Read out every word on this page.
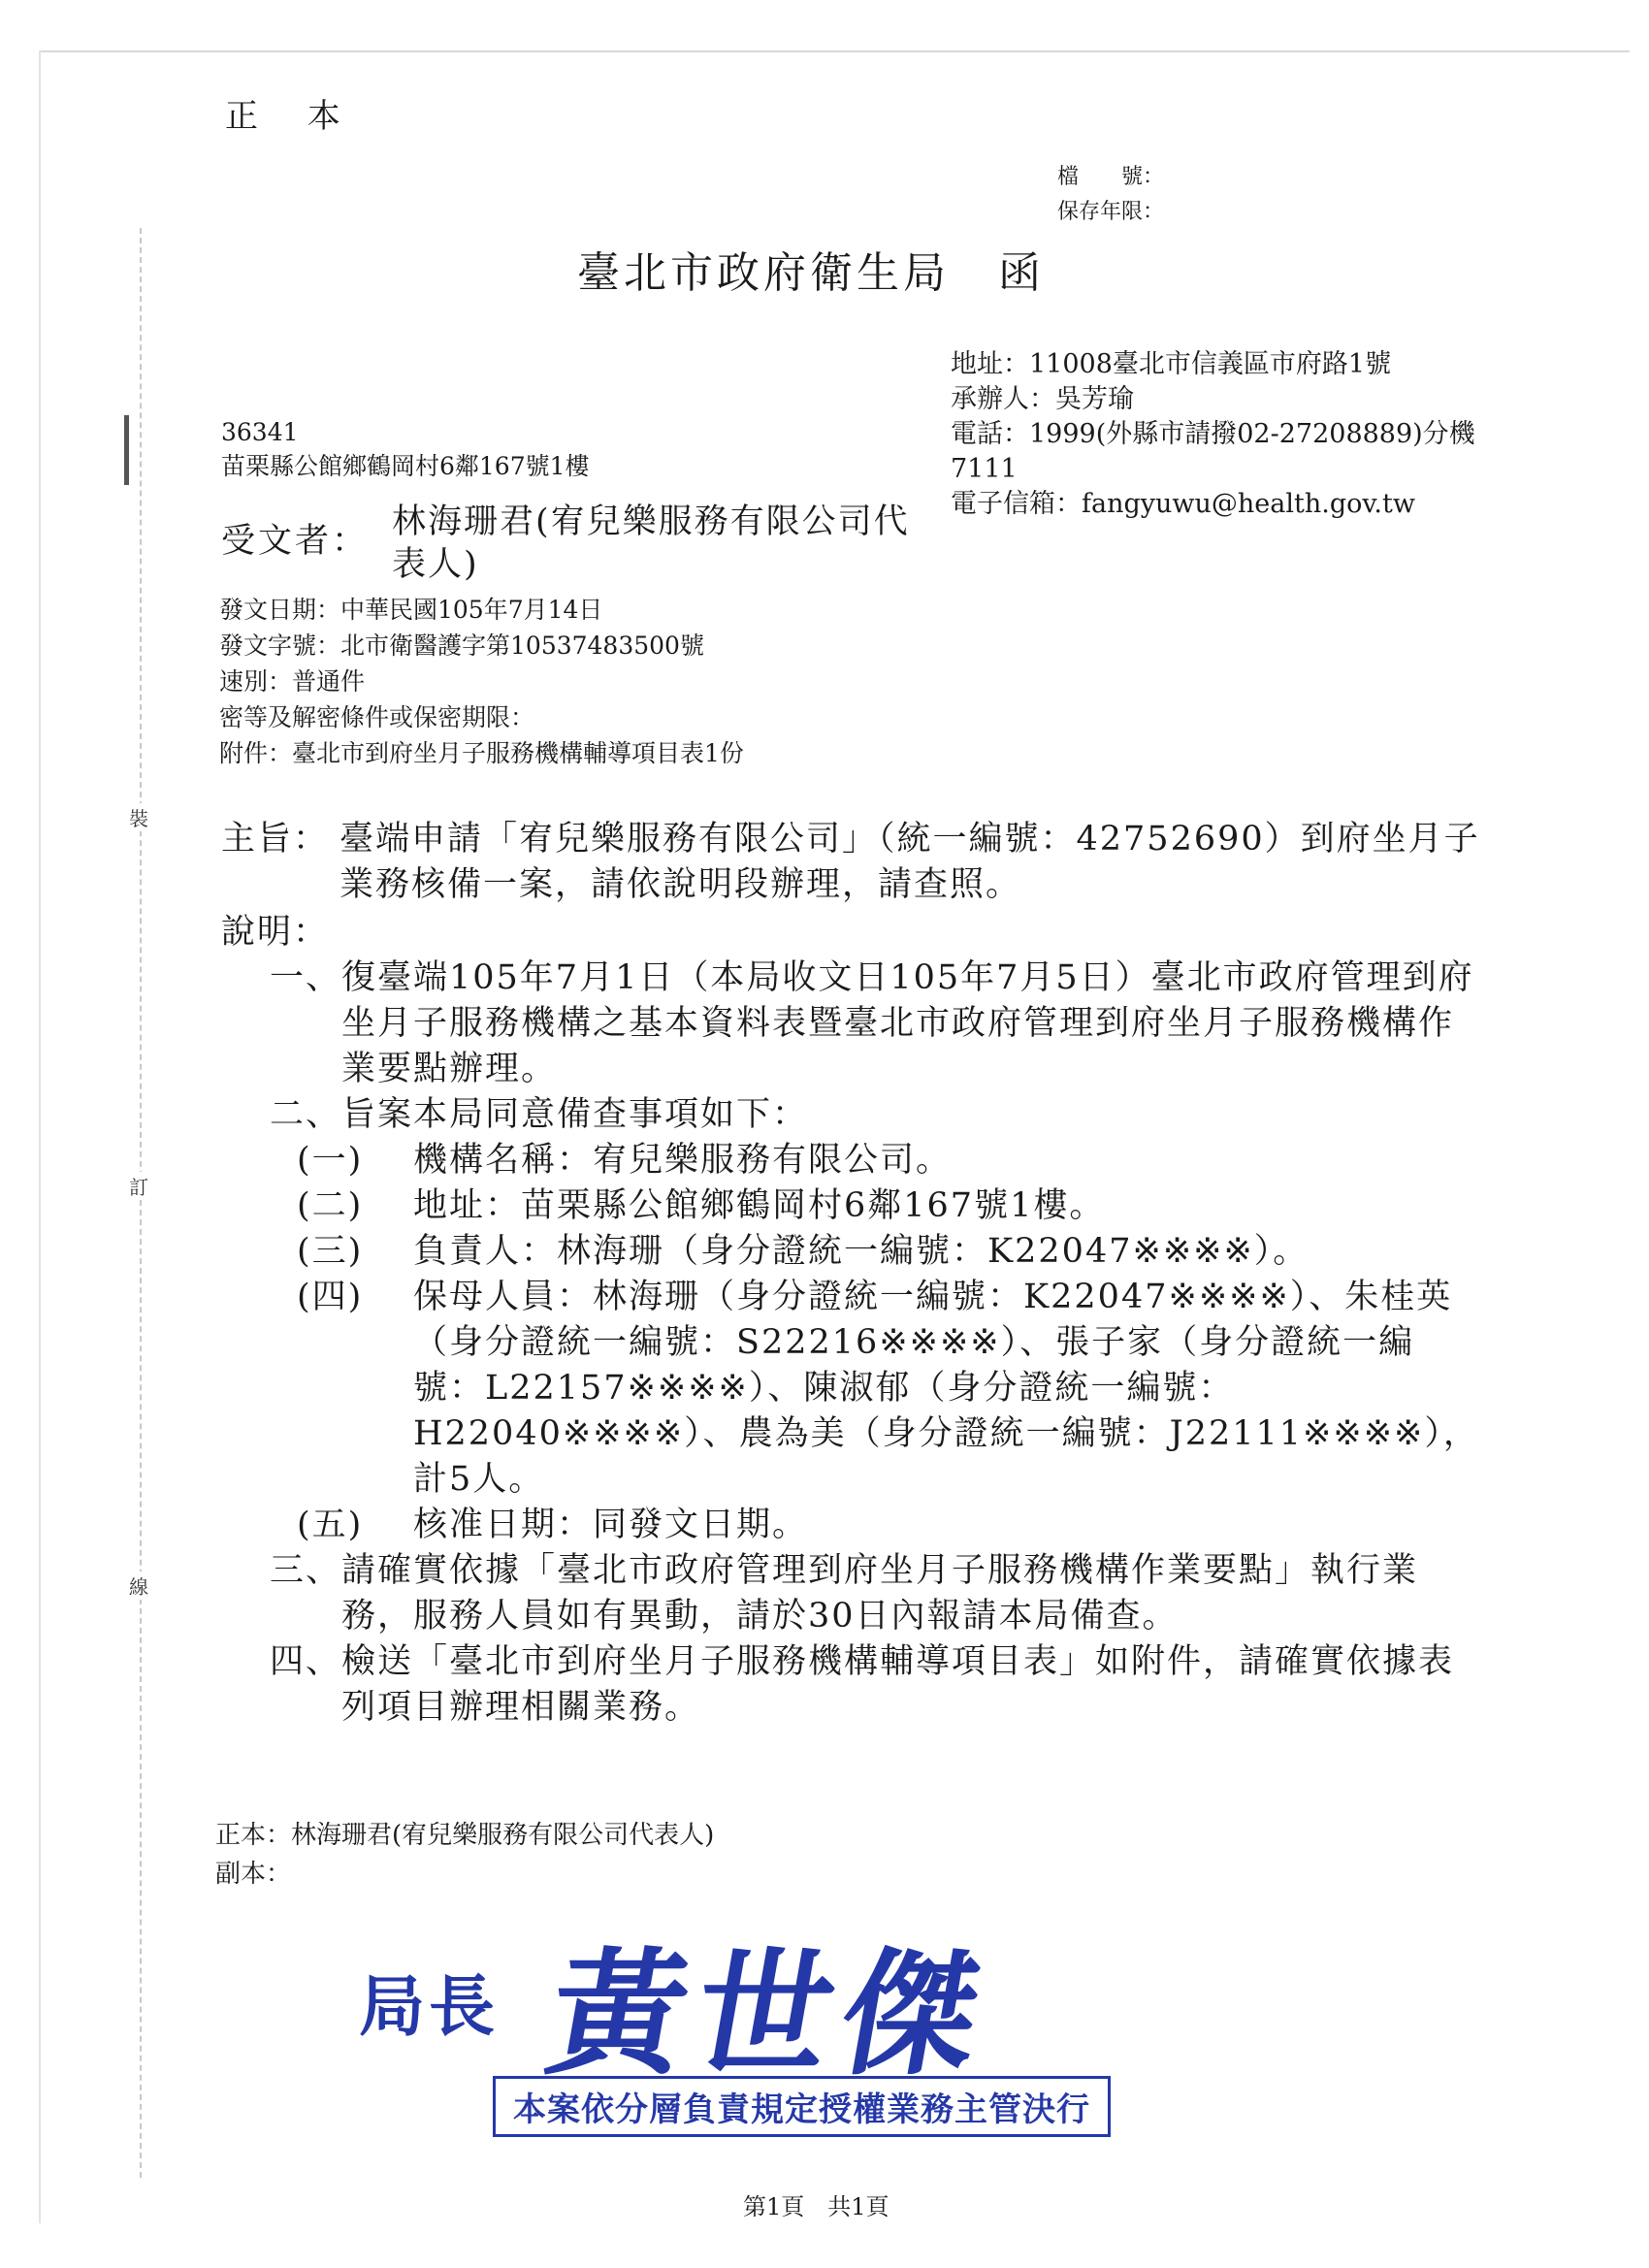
裝
訂
線
正 本
檔　　號：
保存年限：
臺北市政府衛生局 函
地址：11008臺北市信義區市府路1號
承辦人：吳芳瑜
電話：1999(外縣市請撥02-27208889)分機7111
電子信箱：fangyuwu@health.gov.tw
36341
苗栗縣公館鄉鶴岡村6鄰167號1樓
受文者： 林海珊君(宥兒樂服務有限公司代表人)
發文日期：中華民國105年7月14日
發文字號：北市衛醫護字第10537483500號
速別：普通件
密等及解密條件或保密期限：
附件：臺北市到府坐月子服務機構輔導項目表1份
主旨： 臺端申請「宥兒樂服務有限公司」（統一編號：42752690）到府坐月子業務核備一案，請依說明段辦理，請查照。
說明：
一、 復臺端105年7月1日（本局收文日105年7月5日）臺北市政府管理到府坐月子服務機構之基本資料表暨臺北市政府管理到府坐月子服務機構作業要點辦理。
二、 旨案本局同意備查事項如下：
(一)	機構名稱：宥兒樂服務有限公司。
(二)	地址：苗栗縣公館鄉鶴岡村6鄰167號1樓。
(三)	負責人：林海珊（身分證統一編號：K22047※※※※）。
(四)	保母人員：林海珊（身分證統一編號：K22047※※※※）、朱桂英（身分證統一編號：S22216※※※※）、張子家（身分證統一編號：L22157※※※※）、陳淑郁（身分證統一編號：H22040※※※※）、農為美（身分證統一編號：J22111※※※※），計5人。
(五)	核准日期：同發文日期。
三、 請確實依據「臺北市政府管理到府坐月子服務機構作業要點」執行業務，服務人員如有異動，請於30日內報請本局備查。
四、 檢送「臺北市到府坐月子服務機構輔導項目表」如附件，請確實依據表列項目辦理相關業務。
正本：林海珊君(宥兒樂服務有限公司代表人)
副本：
局長 黃世傑
本案依分層負責規定授權業務主管決行
第1頁　共1頁
